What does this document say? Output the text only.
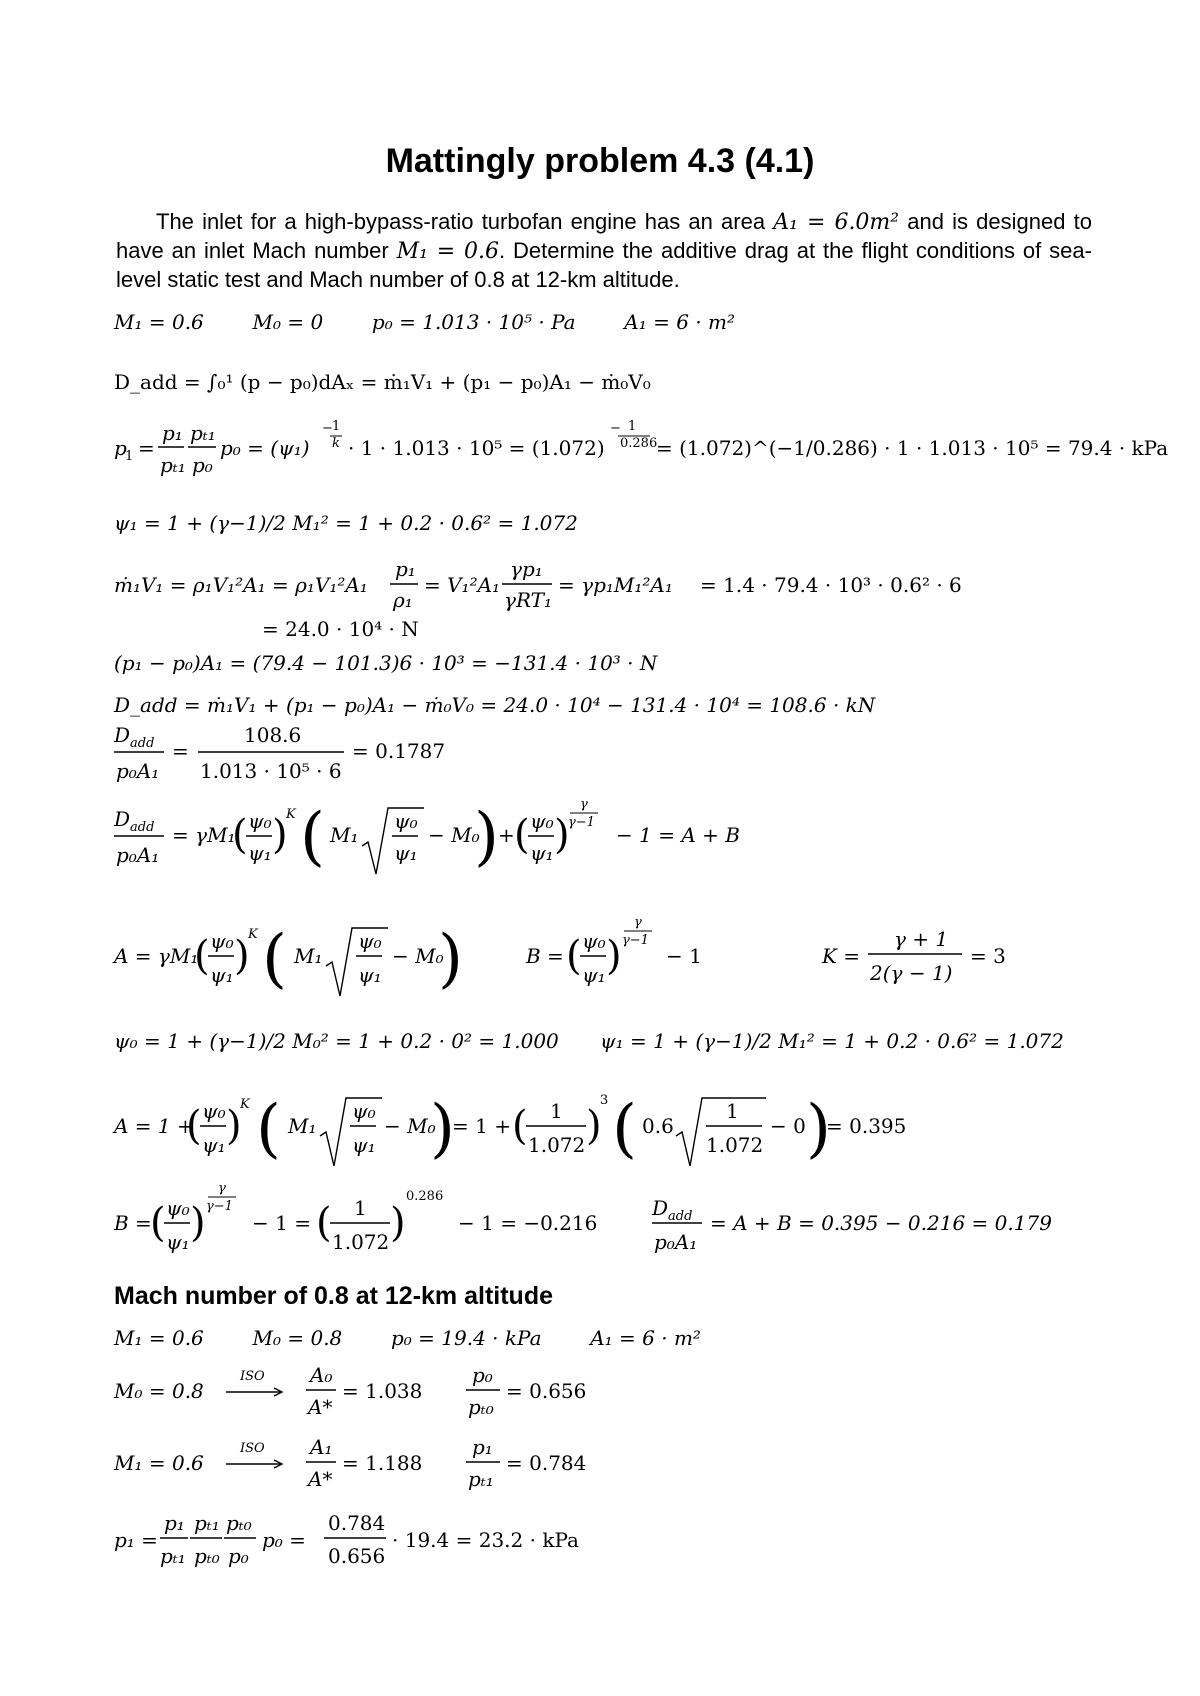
Mattingly problem 4.3 (4.1)
The inlet for a high-bypass-ratio turbofan engine has an area A₁ = 6.0m² and is designed to have an inlet Mach number M₁ = 0.6. Determine the additive drag at the flight conditions of sea-level static test and Mach number of 0.8 at 12-km altitude.
M₁ = 0.6 M₀ = 0 p₀ = 1.013 · 10⁵ · Pa A₁ = 6 · m²
D_add = ∫₀¹ (p − p₀)dAₓ = ṁ₁V₁ + (p₁ − p₀)A₁ − ṁ₀V₀
p
1 =
p₁
pₜ₁
pₜ₁
p₀
p₀ = (ψ₁)
− 1
k · 1 · 1.013 · 10⁵ = (1.072)
− 1
0.286
= (1.072)^(−1/0.286) · 1 · 1.013 · 10⁵ = 79.4 · kPa
ψ₁ = 1 + (γ−1)/2 M₁² = 1 + 0.2 · 0.6² = 1.072
ṁ₁V₁ = ρ₁V₁²A₁ = ρ₁V₁²A₁
p₁
ρ₁
= V₁²A₁
γp₁
γRT₁
= γp₁M₁²A₁ = 1.4 · 79.4 · 10³ · 0.6² · 6
= 24.0 · 10⁴ · N
(p₁ − p₀)A₁ = (79.4 − 101.3)6 · 10³ = −131.4 · 10³ · N
D_add = ṁ₁V₁ + (p₁ − p₀)A₁ − ṁ₀V₀ = 24.0 · 10⁴ − 131.4 · 10⁴ = 108.6 · kN
D add
p₀A₁
=
108.6
1.013 · 10⁵ · 6
= 0.1787
D add
p₀A₁
= γM₁
( ψ₀
ψ₁ )
K ( M₁
ψ₀
ψ₁
− M₀
) + ( ψ₀
ψ₁ )
γ
γ−1
− 1 = A + B
A = γM₁
( ψ₀
ψ₁ )
K ( M₁
ψ₀
ψ₁
− M₀
)	B = ( ψ₀
ψ₁ )
γ
γ−1
− 1	K =
γ + 1
2(γ − 1)
= 3
ψ₀ = 1 + (γ−1)/2 M₀² = 1 + 0.2 · 0² = 1.000 ψ₁ = 1 + (γ−1)/2 M₁² = 1 + 0.2 · 0.6² = 1.072
A = 1 +
( ψ₀
ψ₁ )
K ( M₁
ψ₀
ψ₁
− M₀
)
= 1 + ( 1
1.072 )
3 ( 0.6
1
1.072
− 0 )
= 0.395
B =
( ψ₀
ψ₁ )
γ
γ−1
− 1 = ( 1
1.072 )
0.286
− 1 = −0.216
D add
p₀A₁
= A + B = 0.395 − 0.216 = 0.179
Mach number of 0.8 at 12-km altitude
M₁ = 0.6 M₀ = 0.8 p₀ = 19.4 · kPa A₁ = 6 · m²
M₀ = 0.8
ISO A₀
A*
= 1.038
p₀
pₜ₀
= 0.656
M₁ = 0.6
ISO A₁
A*
= 1.188
p₁
pₜ₁
= 0.784
p₁ =
p₁
pₜ₁
pₜ₁
pₜ₀
pₜ₀
p₀
p₀ =
0.784
0.656
· 19.4 = 23.2 · kPa
